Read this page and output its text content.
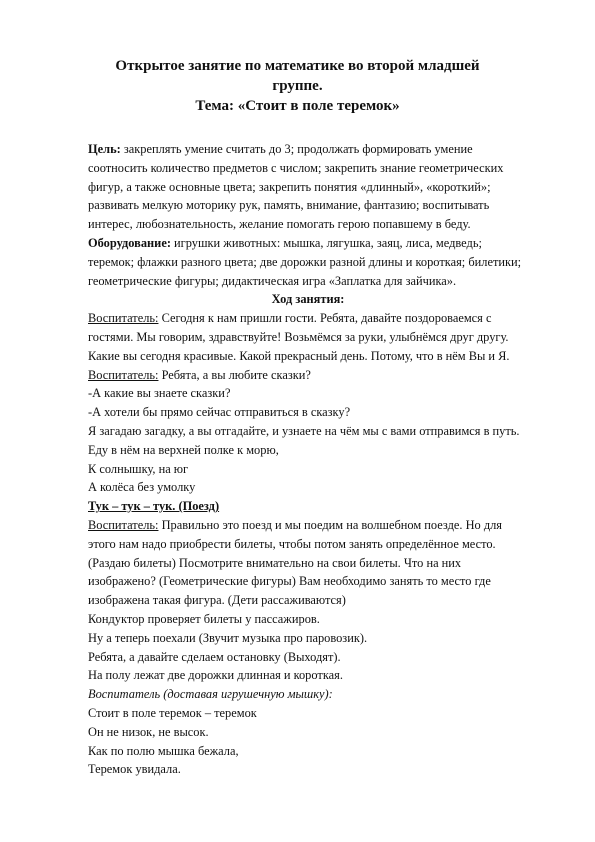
Открытое занятие по математике во второй младшей
группе.
Тема: «Стоит в поле теремок»

Цель: закреплять умение считать до 3; продолжать формировать умение соотносить количество предметов с числом; закрепить знание геометрических фигур, а также основные цвета; закрепить понятия «длинный», «короткий»; развивать мелкую моторику рук, память, внимание, фантазию; воспитывать интерес, любознательность, желание помогать герою попавшему в беду.

Оборудование: игрушки животных: мышка, лягушка, заяц, лиса, медведь; теремок; флажки разного цвета; две дорожки разной длины и короткая; билетики; геометрические фигуры; дидактическая игра «Заплатка для зайчика».

Ход занятия:

Воспитатель: Сегодня к нам пришли гости. Ребята, давайте поздороваемся с гостями. Мы говорим, здравствуйте! Возьмёмся за руки, улыбнёмся друг другу. Какие вы сегодня красивые. Какой прекрасный день. Потому, что в нём Вы и Я.

Воспитатель: Ребята, а вы любите сказки?

-А какие вы знаете сказки?

-А хотели бы прямо сейчас отправиться в сказку?

Я загадаю загадку, а вы отгадайте, и узнаете на чём мы с вами отправимся в путь.

Еду в нём на верхней полке к морю,

К солнышку, на юг

А колёса без умолку

Тук – тук – тук. (Поезд)

Воспитатель: Правильно это поезд и мы поедим на волшебном поезде. Но для этого нам надо приобрести билеты, чтобы потом занять определённое место. (Раздаю билеты) Посмотрите внимательно на свои билеты. Что на них изображено? (Геометрические фигуры) Вам необходимо занять то место где изображена такая фигура. (Дети рассаживаются)

Кондуктор проверяет билеты у пассажиров.

Ну а теперь поехали (Звучит музыка про паровозик).

Ребята, а давайте сделаем остановку (Выходят).

На полу лежат две дорожки длинная и короткая.

Воспитатель (доставая игрушечную мышку):

Стоит в поле теремок – теремок

Он не низок, не высок.

Как по полю мышка бежала,

Теремок увидала.
